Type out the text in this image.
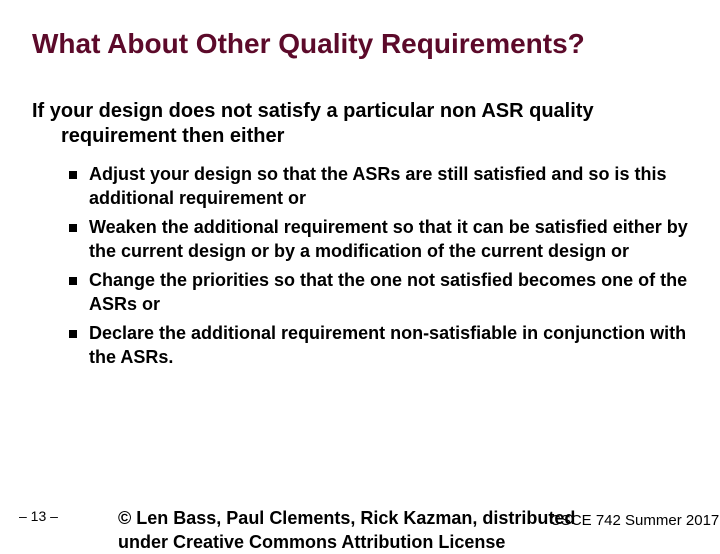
What About Other Quality Requirements?
If your design does not satisfy a particular non ASR quality requirement then either
Adjust your design so that the ASRs are still satisfied and so is this additional requirement or
Weaken the additional requirement so that it can be satisfied either by the current design or by a modification of the current design or
Change the priorities so that the one not satisfied becomes one of the ASRs or
Declare the additional requirement non-satisfiable in conjunction with the ASRs.
– 13 –	© Len Bass, Paul Clements, Rick Kazman, distributed under Creative Commons Attribution License
CSCE 742 Summer 2017
